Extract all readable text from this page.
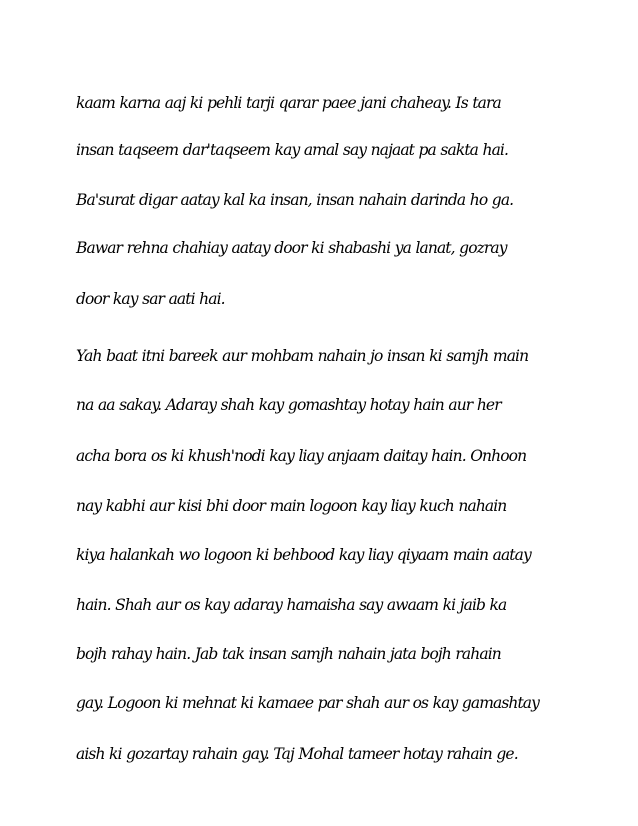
kaam karna aaj ki pehli tarji qarar paee jani chaheay. Is tara

insan taqseem dar'taqseem kay amal say najaat pa sakta hai.

Ba'surat digar aatay kal ka insan, insan nahain darinda ho ga.

Bawar rehna chahiay aatay door ki shabashi ya lanat, gozray

door kay sar aati hai.

Yah baat itni bareek aur mohbam nahain jo insan ki samjh main

na aa sakay. Adaray shah kay gomashtay hotay hain aur her

acha bora os ki khush'nodi kay liay anjaam daitay hain. Onhoon

nay kabhi aur kisi bhi door main logoon kay liay kuch nahain

kiya halankah wo logoon ki behbood kay liay qiyaam main aatay

hain. Shah aur os kay adaray hamaisha say awaam ki jaib ka

bojh rahay hain. Jab tak insan samjh nahain jata bojh rahain

gay. Logoon ki mehnat ki kamaee par shah aur os kay gamashtay

aish ki gozartay rahain gay. Taj Mohal tameer hotay rahain ge.
